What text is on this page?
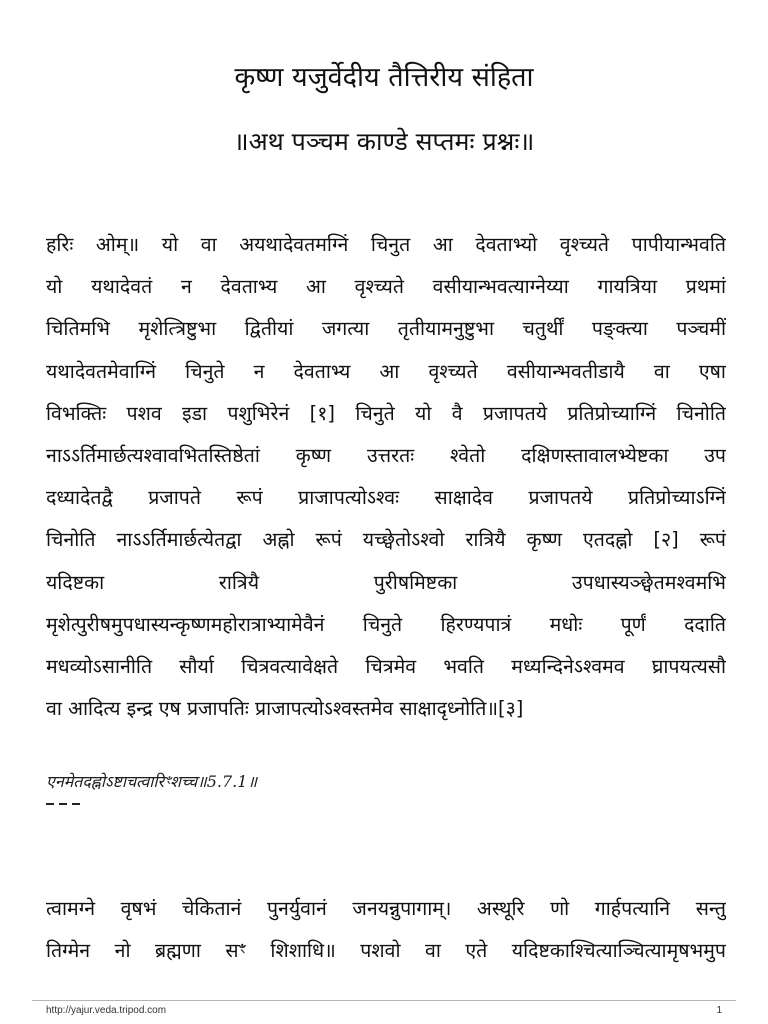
कृष्ण यजुर्वेदीय तैत्तिरीय संहिता
॥अथ पञ्चम काण्डे सप्तमः प्रश्नः॥
हरिः ओम्॥ यो वा अयथादेवतमग्निं चिनुत आ देवताभ्यो वृश्च्यते पापीयान्भवति
यो यथादेवतं न देवताभ्य आ वृश्च्यते वसीयान्भवत्याग्नेय्या गायत्रिया प्रथमां
चितिमभि मृशेत्त्रिष्टुभा द्वितीयां जगत्या तृतीयामनुष्टुभा चतुर्थीं पङ्क्त्या पञ्चमीं
यथादेवतमेवाग्निं चिनुते न देवताभ्य आ वृश्च्यते वसीयान्भवतीडायै वा एषा
विभक्तिः पशव इडा पशुभिरेनं [१] चिनुते यो वै प्रजापतये प्रतिप्रोच्याग्निं चिनोति
नाऽऽर्तिमार्छत्यश्वावभितस्तिष्ठेतां कृष्ण उत्तरतः श्वेतो दक्षिणस्तावालभ्येष्टका उप
दध्यादेतद्वै प्रजापते रूपं प्राजापत्योऽश्वः साक्षादेव प्रजापतये प्रतिप्रोच्याऽग्निं
चिनोति नाऽऽर्तिमार्छत्येतद्वा अह्नो रूपं यच्छ्वेतोऽश्वो रात्रियै कृष्ण एतदह्नो [२] रूपं
यदिष्टका रात्रियै पुरीषमिष्टका उपधास्यञ्छ्वेतमश्वमभि
मृशेत्पुरीषमुपधास्यन्कृष्णमहोरात्राभ्यामेवैनं चिनुते हिरण्यपात्रं मधोः पूर्णं ददाति
मधव्योऽसानीति सौर्या चित्रवत्यावेक्षते चित्रमेव भवति मध्यन्दिनेऽश्वमव घ्रापयत्यसौ
वा आदित्य इन्द्र एष प्रजापतिः प्राजापत्योऽश्वस्तमेव साक्षादृध्नोति॥[३]
एनमेतदह्नोऽष्टाचत्वारिꣳशच्च॥5.7.1॥
त्वामग्ने वृषभं चेकितानं पुनर्युवानं जनयन्नुपागाम्। अस्थूरि णो गार्हपत्यानि सन्तु
तिग्मेन नो ब्रह्मणा सꣳ शिशाधि॥ पशवो वा एते यदिष्टकाश्चित्याञ्चित्यामृषभमुप
http://yajur.veda.tripod.com	1
